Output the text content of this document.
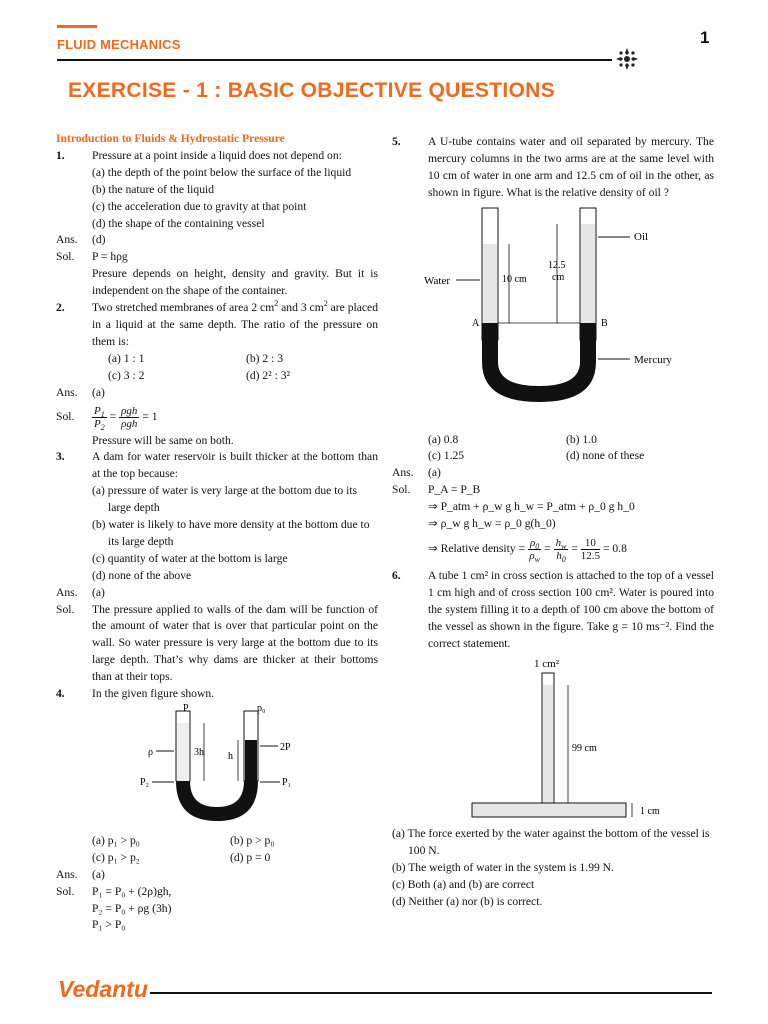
FLUID MECHANICS	1
EXERCISE - 1 : BASIC OBJECTIVE QUESTIONS

Introduction to Fluids & Hydrostatic Pressure

1.	Pressure at a point inside a liquid does not depend on:

(a) the depth of the point below the surface of the liquid

(b) the nature of the liquid

(c) the acceleration due to gravity at that point

(d) the shape of the containing vessel

Ans.	(d)
Sol.	P = hρg

Presure depends on height, density and gravity. But it is independent on the shape of the container.

2.	Two stretched membranes of area 2 $cm^2$ and 3 $cm^2$ are placed in a liquid at the same depth. The ratio of the pressure on them is:
(a) 1 : 1	(b) 2 : 3
(c) 3 : 2	(d) 2² : 3²
Ans.	(a)
Sol.	$\frac{P_1}{P_2} = \frac{\text{ρgh}}{\text{ρgh}} = 1$

Pressure will be same on both.

3.	A dam for water reservoir is built thicker at the bottom than at the top because:

(a) pressure of water is very large at the bottom due to its large depth

(b) water is likely to have more density at the bottom due to its large depth

(c) quantity of water at the bottom is large

(d) none of the above

Ans.	(a)
Sol.	The pressure applied to walls of the dam will be function of the amount of water that is over that particular point on the wall. So water pressure is very large at the bottom due to its large depth. That’s why dams are thicker at their bottoms than at their tops.
4.	In the given figure shown.
P	p₀
3h h
ρ	2P
P₂	P₁
(a) p₁ > p₀	(b) p > p₀
(c) p₁ > p₂	(d) p = 0
Ans.	(a)
Sol.	P₁ = P₀ + (2ρ)gh,

P₂ = P₀ + ρg (3h)

P₁ > P₀

5.	A U-tube contains water and oil separated by mercury. The mercury columns in the two arms are at the same level with 10 cm of water in one arm and 12.5 cm of oil in the other, as shown in figure. What is the relative density of oil ?
10 cm
12.5
cm
Water
Oil
Mercury
A	B
(a) 0.8	(b) 1.0
(c) 1.25	(d) none of these
Ans.	(a)
Sol.	P_A = P_B

⇒ P_atm + ρ_w g h_w = P_atm + ρ_0 g h_0

⇒ ρ_w g h_w = ρ_0 g(h_0)

⇒ Relative density =
$\frac{\rho_0}{\rho_w} = \frac{h_w}{h_0} = \frac{10}{12.5} = 0.8$
6.	A tube 1 cm² in cross section is attached to the top of a vessel 1 cm high and of cross section 100 cm². Water is poured into the system filling it to a depth of 100 cm above the bottom of the vessel as shown in the figure. Take g = 10 ms⁻². Find the correct statement.
1 cm²
99 cm
1 cm

(a) The force exerted by the water against the bottom of the vessel is 100 N.

(b) The weigth of water in the system is 1.99 N.

(c) Both (a) and (b) are correct

(d) Neither (a) nor (b) is correct.

Vedantu
